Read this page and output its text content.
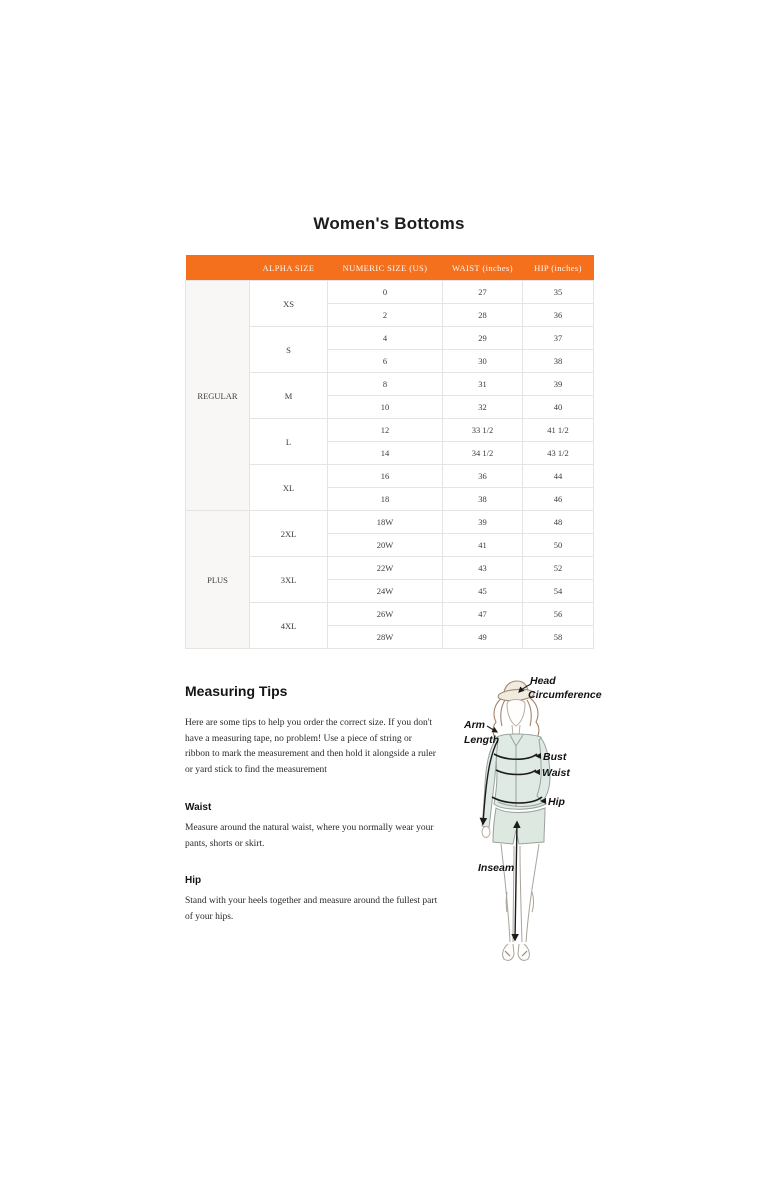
Women's Bottoms
	ALPHA SIZE	NUMERIC SIZE (US)	WAIST (inches)	HIP (inches)
REGULAR	XS	0	27	35
		2	28	36
	S	4	29	37
		6	30	38
	M	8	31	39
		10	32	40
	L	12	33 1/2	41 1/2
		14	34 1/2	43 1/2
	XL	16	36	44
		18	38	46
PLUS	2XL	18W	39	48
		20W	41	50
	3XL	22W	43	52
		24W	45	54
	4XL	26W	47	56
		28W	49	58
Measuring Tips
Here are some tips to help you order the correct size. If you don't
have a measuring tape, no problem! Use a piece of string or
ribbon to mark the measurement and then hold it alongside a ruler
or yard stick to find the measurement
Waist
Measure around the natural waist, where you normally wear your
pants, shorts or skirt.
Hip
Stand with your heels together and measure around the fullest part
of your hips.
Head
Circumference
Arm
Length
Bust
Waist
Hip
Inseam
